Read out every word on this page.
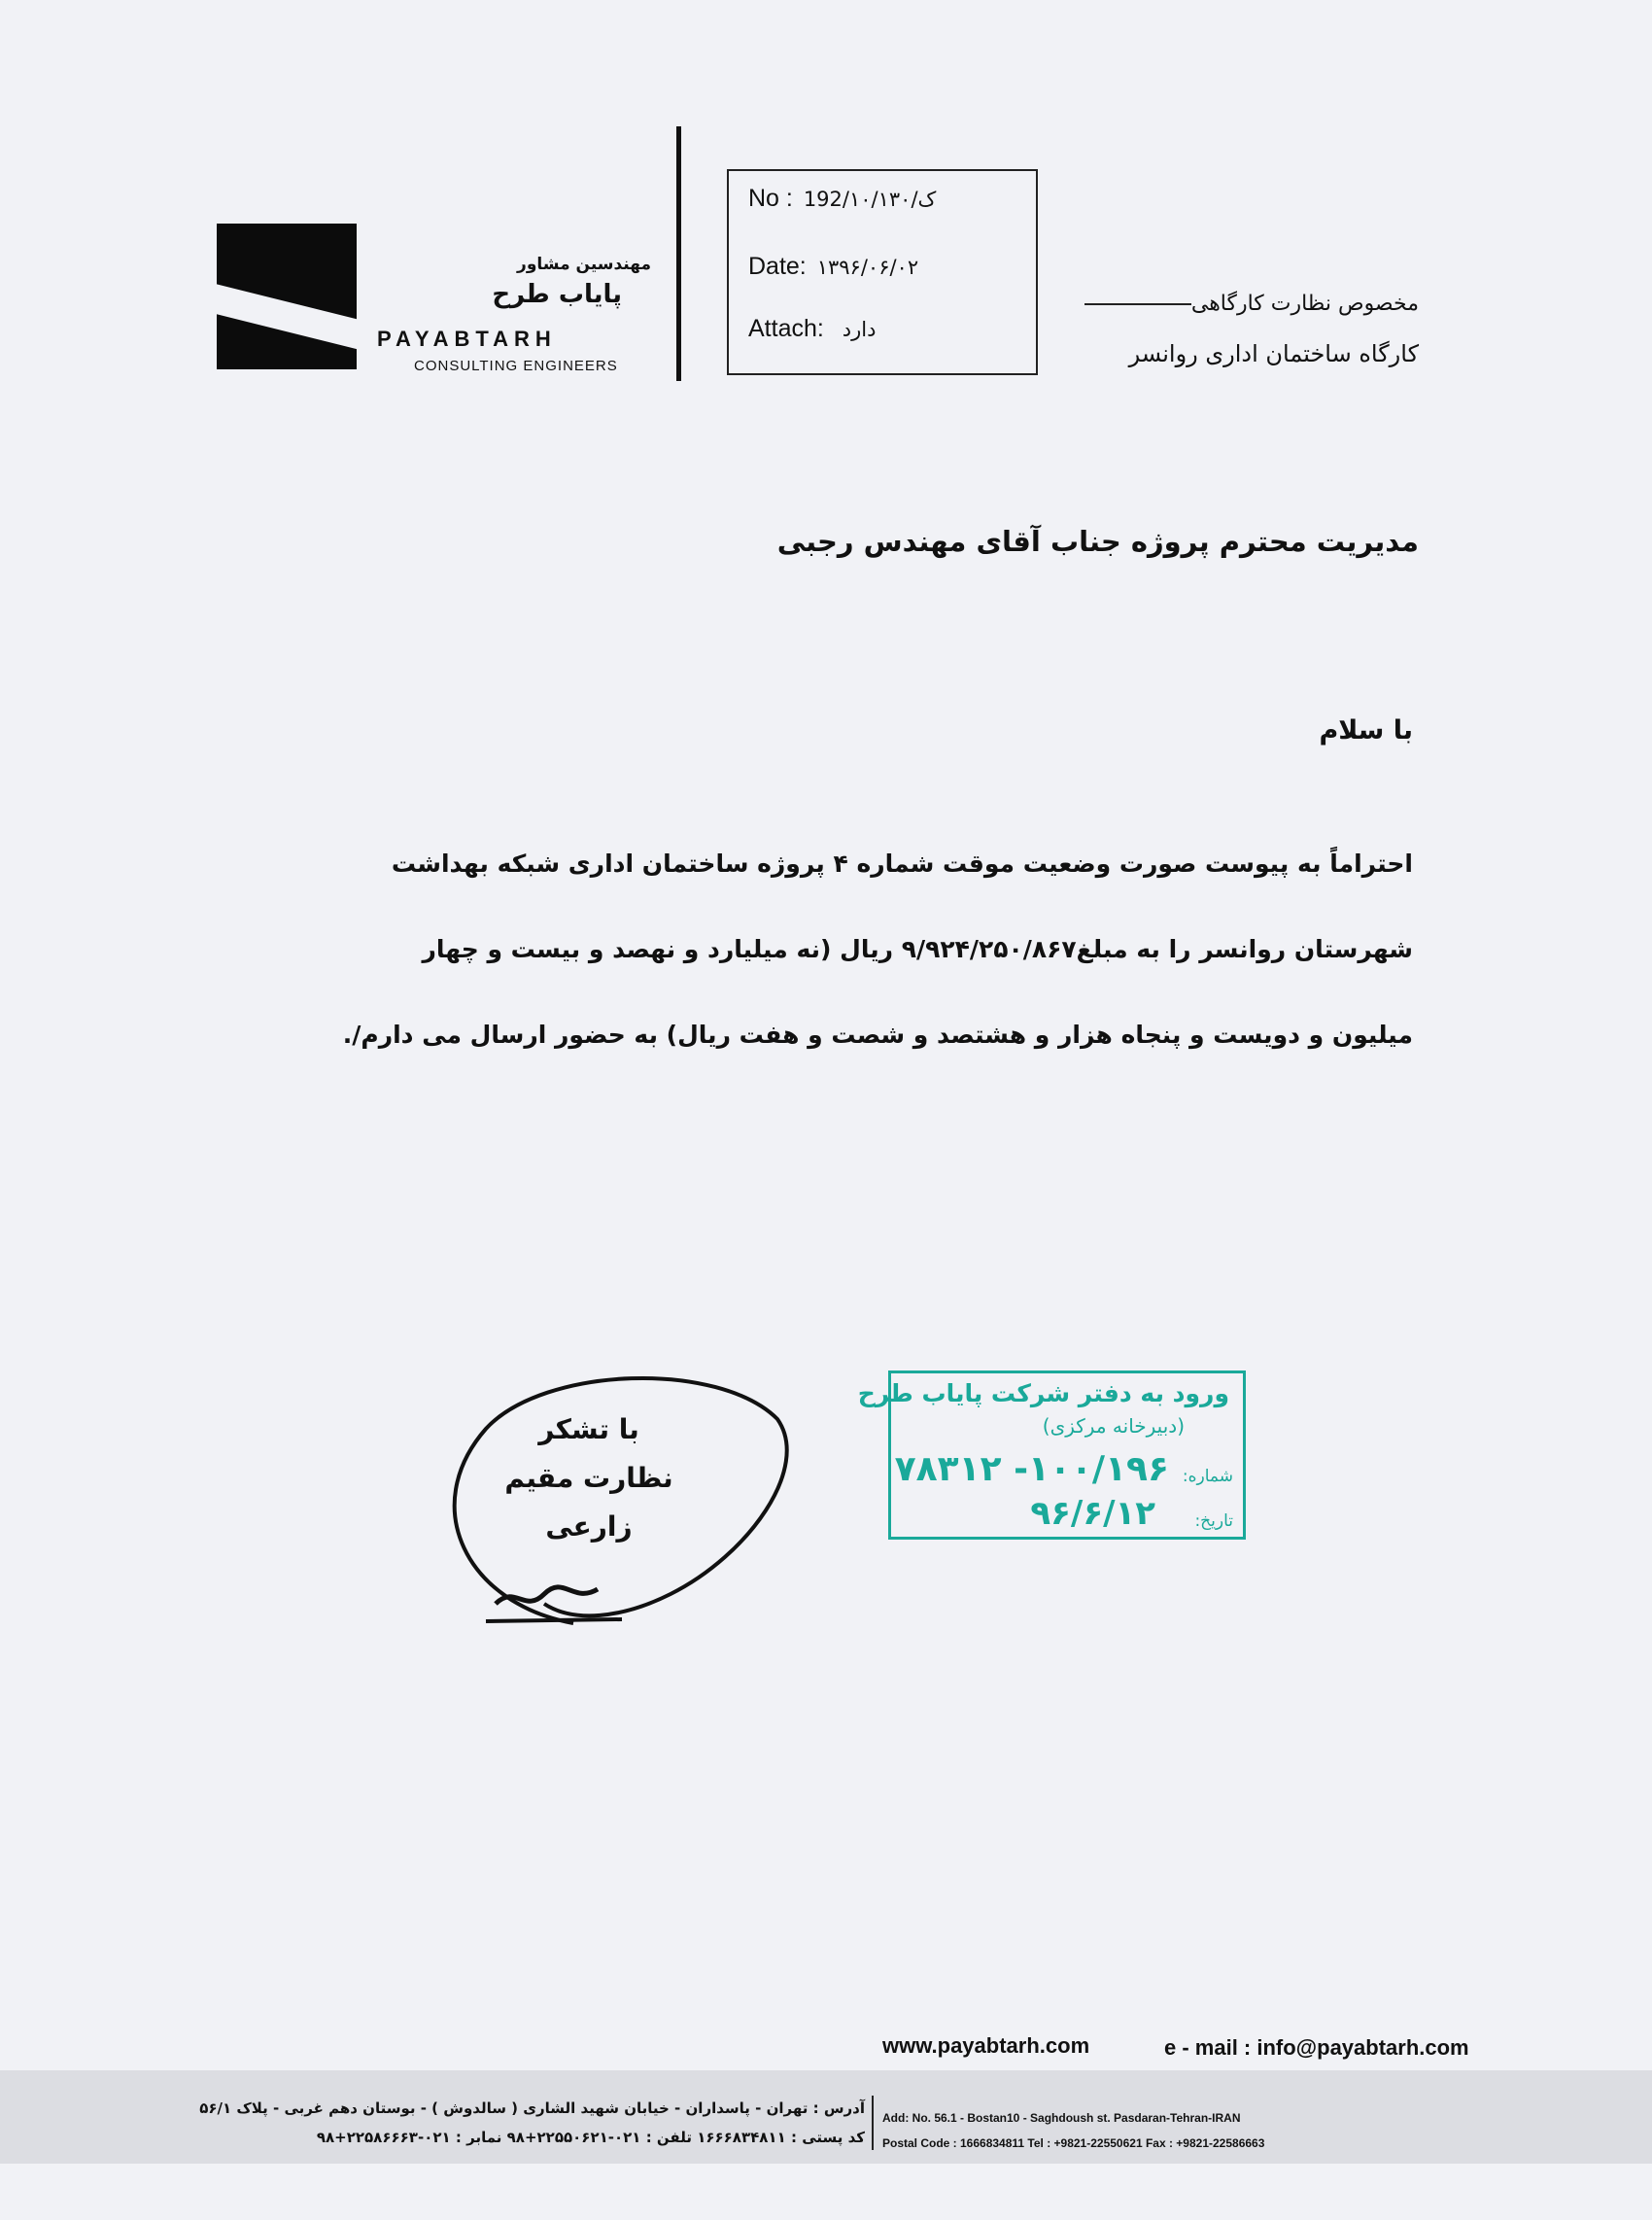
مهندسین مشاور
پایاب طرح
PAYABTARH
CONSULTING ENGINEERS
No : 192/۱۰/ک/۱۳۰
Date: ۱۳۹۶/۰۶/۰۲
Attach: دارد
مخصوص نظارت کارگاهی
کارگاه ساختمان اداری روانسر
مدیریت محترم پروژه جناب آقای مهندس رجبی
با سلام
احتراماً به پیوست صورت وضعیت موقت شماره ۴ پروژه ساختمان اداری شبکه بهداشت
شهرستان روانسر را به مبلغ۹/۹۲۴/۲۵۰/۸۶۷ ریال (نه میلیارد و نهصد و بیست و چهار
میلیون و دویست و پنجاه هزار و هشتصد و شصت و هفت ریال) به حضور ارسال می دارم/.
با تشکر
نظارت مقیم
زارعی
ورود به دفتر شرکت پایاب طرح
(دبیرخانه مرکزی)
شماره:
۷۸۳۱۲ -۱۰۰/۱۹۶
تاریخ:
۹۶/۶/۱۲
www.payabtarh.com	e - mail : info@payabtarh.com
آدرس : تهران - پاسداران - خیابان شهید الشاری ( سالدوش ) - بوستان دهم غربی - پلاک ۵۶/۱
کد پستی : ۱۶۶۶۸۳۴۸۱۱ تلفن : ۰۲۱-۲۲۵۵۰۶۲۱+۹۸ نمابر : ۰۲۱-۲۲۵۸۶۶۶۳+۹۸
Add: No. 56.1 - Bostan10 - Saghdoush st. Pasdaran-Tehran-IRAN
Postal Code : 1666834811 Tel : +9821-22550621 Fax : +9821-22586663
